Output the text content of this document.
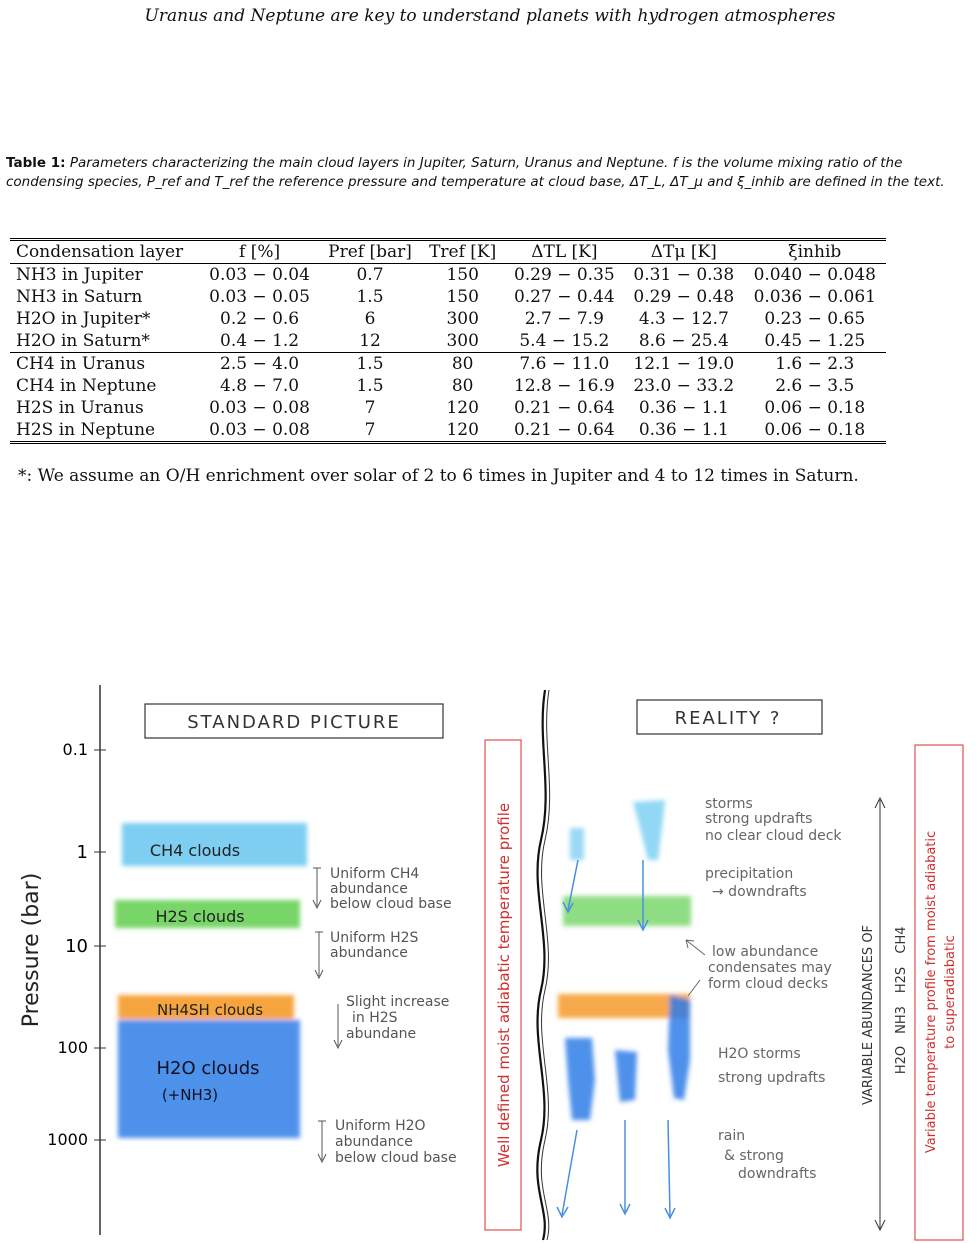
Uranus and Neptune are key to understand planets with hydrogen atmospheres
Table 1: Parameters characterizing the main cloud layers in Jupiter, Saturn, Uranus and Neptune. f is the volume mixing ratio of the condensing species, P_ref and T_ref the reference pressure and temperature at cloud base, ΔT_L, ΔT_μ and ξ_inhib are defined in the text.
Condensation layer	f [%]	Pref [bar]	Tref [K]	ΔTL [K]	ΔTμ [K]	ξinhib
NH3 in Jupiter	0.03 − 0.04	0.7	150	0.29 − 0.35	0.31 − 0.38	0.040 − 0.048
NH3 in Saturn	0.03 − 0.05	1.5	150	0.27 − 0.44	0.29 − 0.48	0.036 − 0.061
H2O in Jupiter*	0.2 − 0.6	6	300	2.7 − 7.9	4.3 − 12.7	0.23 − 0.65
H2O in Saturn*	0.4 − 1.2	12	300	5.4 − 15.2	8.6 − 25.4	0.45 − 1.25
CH4 in Uranus	2.5 − 4.0	1.5	80	7.6 − 11.0	12.1 − 19.0	1.6 − 2.3
CH4 in Neptune	4.8 − 7.0	1.5	80	12.8 − 16.9	23.0 − 33.2	2.6 − 3.5
H2S in Uranus	0.03 − 0.08	7	120	0.21 − 0.64	0.36 − 1.1	0.06 − 0.18
H2S in Neptune	0.03 − 0.08	7	120	0.21 − 0.64	0.36 − 1.1	0.06 − 0.18
*: We assume an O/H enrichment over solar of 2 to 6 times in Jupiter and 4 to 12 times in Saturn.
0.1
1
10
100
1000
Pressure (bar)
STANDARD PICTURE
CH4 clouds
H2S clouds
NH4SH clouds
H2O clouds
(+NH3)
Uniform CH4 abundance below cloud base
Uniform H2S abundance
Slight increase in H2S abundane
Uniform H2O abundance below cloud base	Well defined moist adiabatic temperature profile
REALITY ?
storms strong updrafts no clear cloud deck
precipitation → downdrafts
low abundance condensates may form cloud decks
H2O storms strong updrafts
rain & strong downdrafts
VARIABLE ABUNDANCES OF H2O
NH3
H2S
CH4 Variable temperature profile from moist adiabatic to superadiabatic
